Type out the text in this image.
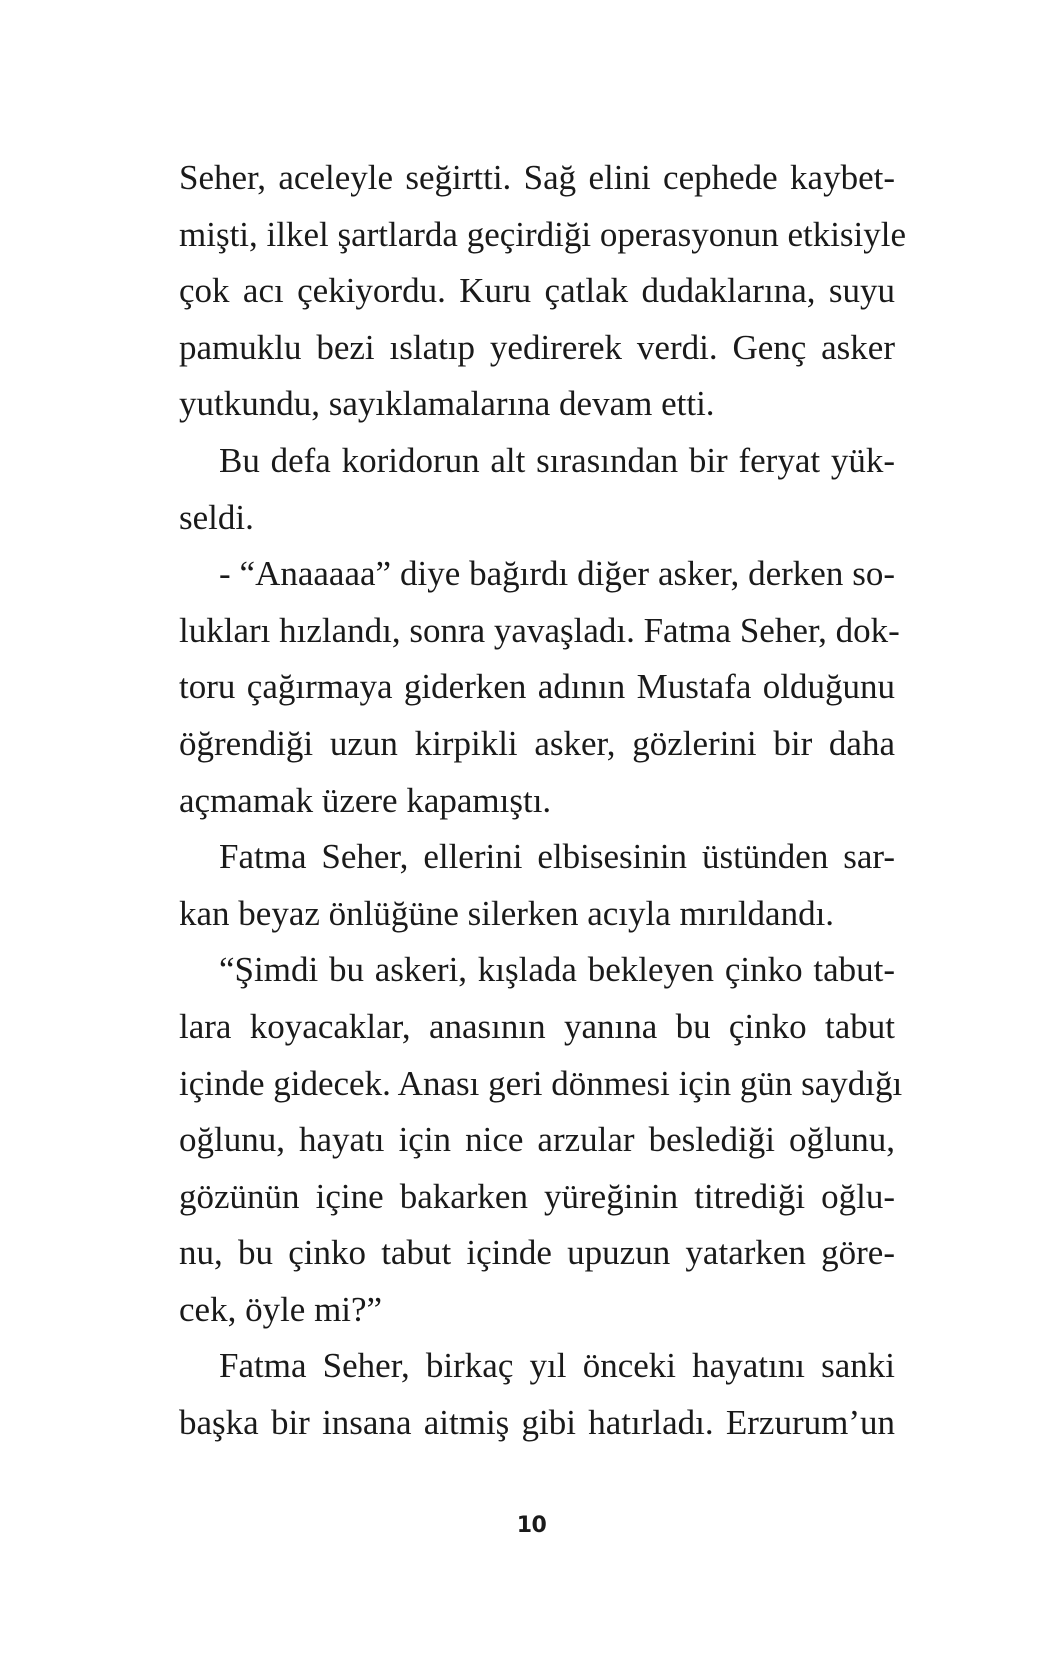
Seher, aceleyle seğirtti. Sağ elini cephede kaybet-
mişti, ilkel şartlarda geçirdiği operasyonun etkisiyle
çok acı çekiyordu. Kuru çatlak dudaklarına, suyu
pamuklu bezi ıslatıp yedirerek verdi. Genç asker
yutkundu, sayıklamalarına devam etti.
Bu defa koridorun alt sırasından bir feryat yük-
seldi.
- “Anaaaaa” diye bağırdı diğer asker, derken so-
lukları hızlandı, sonra yavaşladı. Fatma Seher, dok-
toru çağırmaya giderken adının Mustafa olduğunu
öğrendiği uzun kirpikli asker, gözlerini bir daha
açmamak üzere kapamıştı.
Fatma Seher, ellerini elbisesinin üstünden sar-
kan beyaz önlüğüne silerken acıyla mırıldandı.
“Şimdi bu askeri, kışlada bekleyen çinko tabut-
lara koyacaklar, anasının yanına bu çinko tabut
içinde gidecek. Anası geri dönmesi için gün saydığı
oğlunu, hayatı için nice arzular beslediği oğlunu,
gözünün içine bakarken yüreğinin titrediği oğlu-
nu, bu çinko tabut içinde upuzun yatarken göre-
cek, öyle mi?”
Fatma Seher, birkaç yıl önceki hayatını sanki
başka bir insana aitmiş gibi hatırladı. Erzurum’un
10
